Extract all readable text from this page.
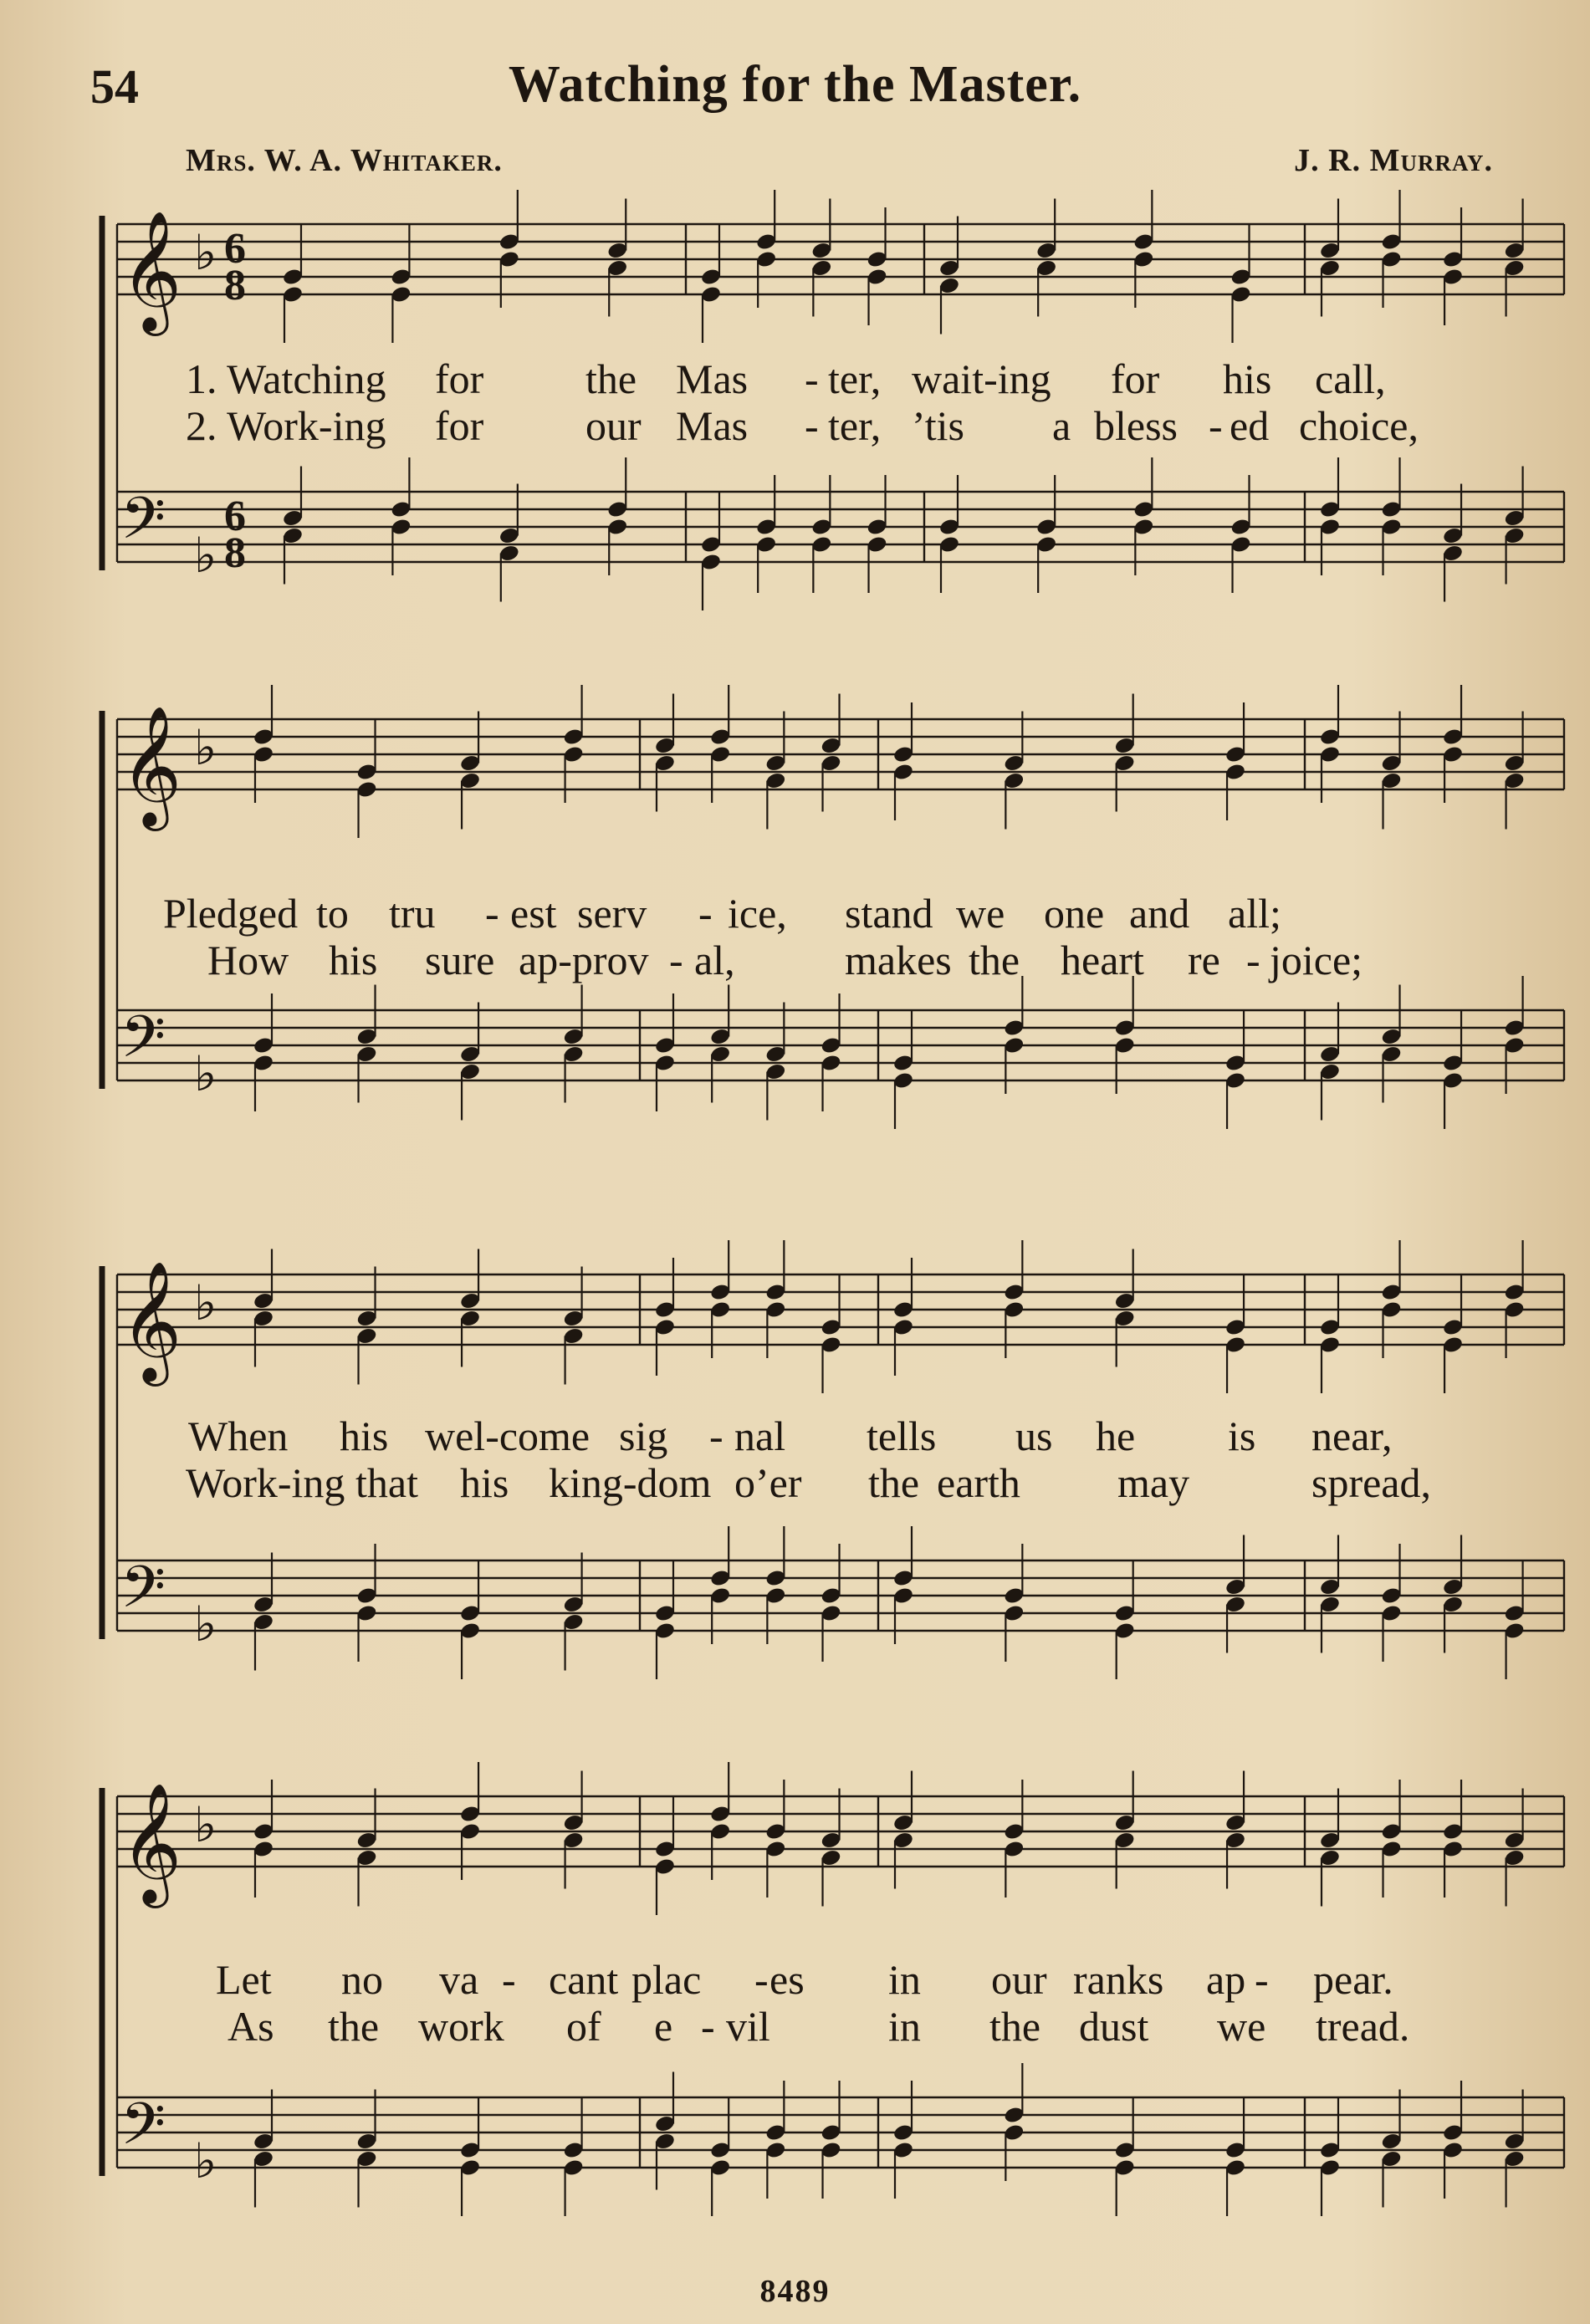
54	Watching for the Master.
Mrs. W. A. Whitaker.	J. R. Murray.
𝄞 ♭ 6
8
𝄢 ♭
6
8
1. Watching for the Mas - ter, wait-ing for his call,
2. Work-ing for our Mas - ter, ’tis a bless - ed choice,
𝄞 ♭
𝄢 ♭
Pledged to tru - est serv - ice, stand we one and all;
How his sure ap-prov - al,	makes the heart re - joice;
𝄞 ♭
𝄢 ♭
When his wel-come sig - nal tells us he is near,
Work-ing that his king-dom o’er the earth may	spread,
𝄞 ♭
𝄢 ♭
Let no va - cant plac - es in our ranks ap - pear.
As the work of e - vil	in the dust we tread.
8489
